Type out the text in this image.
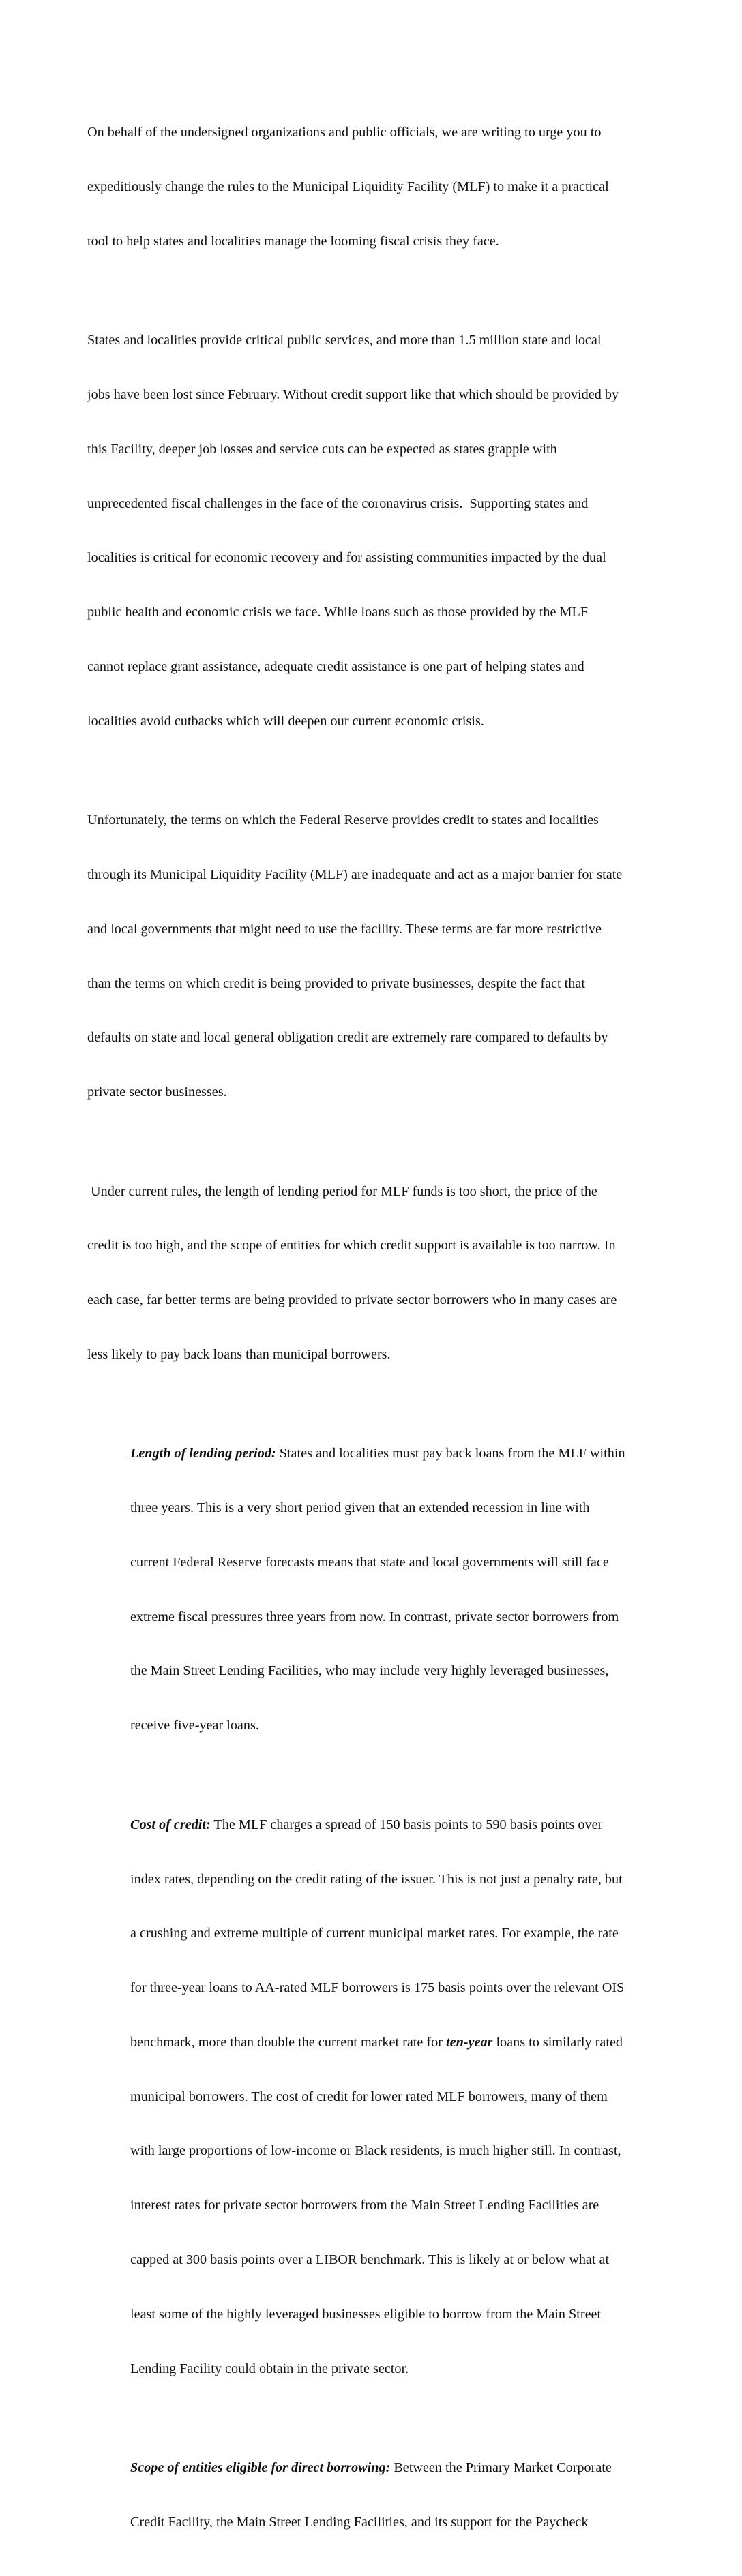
On behalf of the undersigned organizations and public officials, we are writing to urge you to

expeditiously change the rules to the Municipal Liquidity Facility (MLF) to make it a practical

tool to help states and localities manage the looming fiscal crisis they face.

States and localities provide critical public services, and more than 1.5 million state and local

jobs have been lost since February. Without credit support like that which should be provided by

this Facility, deeper job losses and service cuts can be expected as states grapple with

unprecedented fiscal challenges in the face of the coronavirus crisis.  Supporting states and

localities is critical for economic recovery and for assisting communities impacted by the dual

public health and economic crisis we face. While loans such as those provided by the MLF

cannot replace grant assistance, adequate credit assistance is one part of helping states and

localities avoid cutbacks which will deepen our current economic crisis.

Unfortunately, the terms on which the Federal Reserve provides credit to states and localities

through its Municipal Liquidity Facility (MLF) are inadequate and act as a major barrier for state

and local governments that might need to use the facility. These terms are far more restrictive

than the terms on which credit is being provided to private businesses, despite the fact that

defaults on state and local general obligation credit are extremely rare compared to defaults by

private sector businesses.

Under current rules, the length of lending period for MLF funds is too short, the price of the

credit is too high, and the scope of entities for which credit support is available is too narrow. In

each case, far better terms are being provided to private sector borrowers who in many cases are

less likely to pay back loans than municipal borrowers.

Length of lending period: States and localities must pay back loans from the MLF within

three years. This is a very short period given that an extended recession in line with

current Federal Reserve forecasts means that state and local governments will still face

extreme fiscal pressures three years from now. In contrast, private sector borrowers from

the Main Street Lending Facilities, who may include very highly leveraged businesses,

receive five-year loans.

Cost of credit: The MLF charges a spread of 150 basis points to 590 basis points over

index rates, depending on the credit rating of the issuer. This is not just a penalty rate, but

a crushing and extreme multiple of current municipal market rates. For example, the rate

for three-year loans to AA-rated MLF borrowers is 175 basis points over the relevant OIS

benchmark, more than double the current market rate for ten-year loans to similarly rated

municipal borrowers. The cost of credit for lower rated MLF borrowers, many of them

with large proportions of low-income or Black residents, is much higher still. In contrast,

interest rates for private sector borrowers from the Main Street Lending Facilities are

capped at 300 basis points over a LIBOR benchmark. This is likely at or below what at

least some of the highly leveraged businesses eligible to borrow from the Main Street

Lending Facility could obtain in the private sector.

Scope of entities eligible for direct borrowing: Between the Primary Market Corporate

Credit Facility, the Main Street Lending Facilities, and its support for the Paycheck
